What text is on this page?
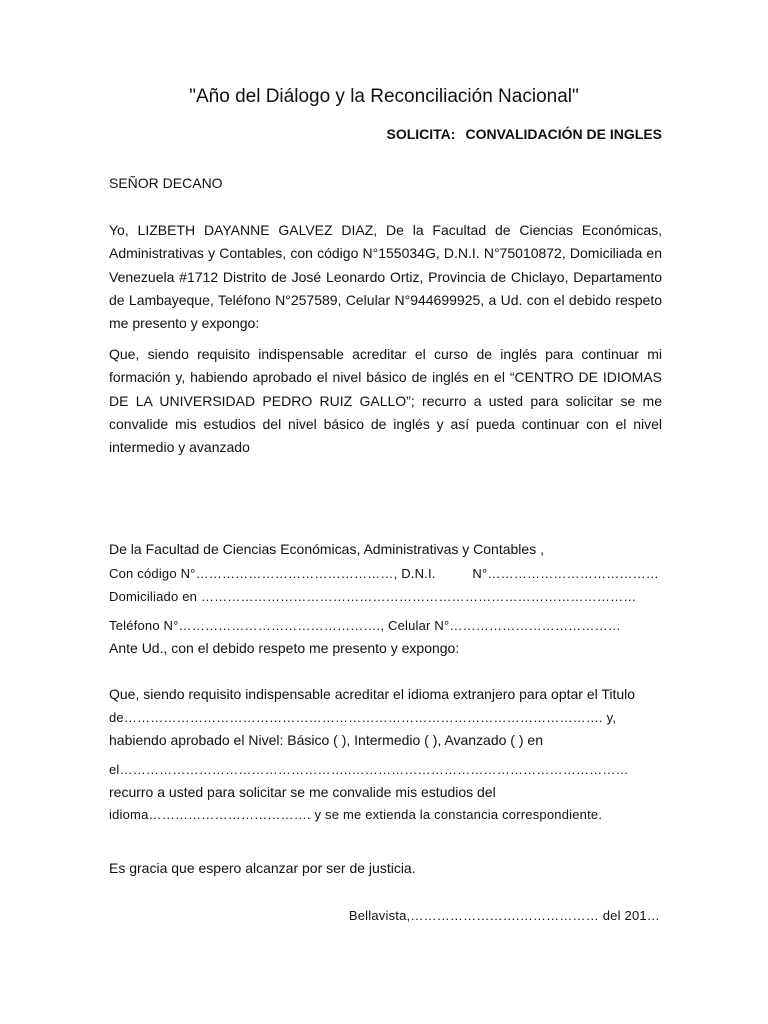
"Año del Diálogo y la Reconciliación Nacional"
SOLICITA: CONVALIDACIÓN DE INGLES
SEÑOR DECANO
Yo, LIZBETH DAYANNE GALVEZ DIAZ, De la Facultad de Ciencias Económicas, Administrativas y Contables, con código N°155034G, D.N.I. N°75010872, Domiciliada en Venezuela #1712 Distrito de José Leonardo Ortiz, Provincia de Chiclayo, Departamento de Lambayeque, Teléfono N°257589, Celular N°944699925, a Ud. con el debido respeto me presento y expongo:
Que, siendo requisito indispensable acreditar el curso de inglés para continuar mi formación y, habiendo aprobado el nivel básico de inglés en el “CENTRO DE IDIOMAS DE LA UNIVERSIDAD PEDRO RUIZ GALLO”; recurro a usted para solicitar se me convalide mis estudios del nivel básico de inglés y así pueda continuar con el nivel intermedio y avanzado
De la Facultad de Ciencias Económicas, Administrativas y Contables ,
Con código N°………………………………………, D.N.I.	N°…………………………………
Domiciliado en ………………………………………………………………………………………
Teléfono N°………………………………………., Celular N°…………………………………
Ante Ud., con el debido respeto me presento y expongo:
Que, siendo requisito indispensable acreditar el idioma extranjero para optar el Titulo
de………………………………………………………………………………………………. y,
habiendo aprobado el Nivel: Básico ( ), Intermedio ( ), Avanzado ( ) en
el……………………………………………..………………………………………………………
recurro a usted para solicitar se me convalide mis estudios del
idioma………………………………. y se me extienda la constancia correspondiente.
Es gracia que espero alcanzar por ser de justicia.
Bellavista,…………………….……………… del 201…
